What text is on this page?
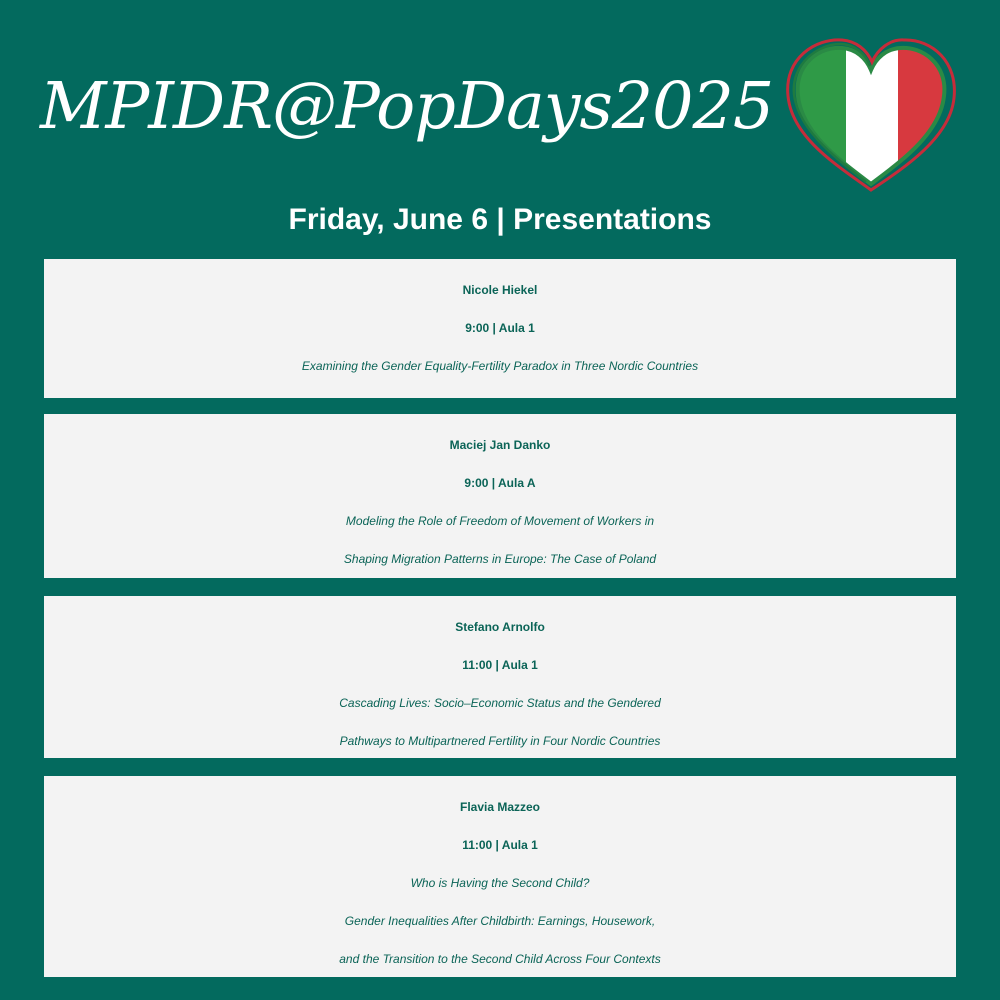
MPIDR@PopDays2025
Friday, June 6 | Presentations
Nicole Hiekel
9:00 | Aula 1
Examining the Gender Equality-Fertility Paradox in Three Nordic Countries
Maciej Jan Danko
9:00 | Aula A
Modeling the Role of Freedom of Movement of Workers in
Shaping Migration Patterns in Europe: The Case of Poland
Stefano Arnolfo
11:00 | Aula 1
Cascading Lives: Socio–Economic Status and the Gendered
Pathways to Multipartnered Fertility in Four Nordic Countries
Flavia Mazzeo
11:00 | Aula 1
Who is Having the Second Child?
Gender Inequalities After Childbirth: Earnings, Housework,
and the Transition to the Second Child Across Four Contexts
